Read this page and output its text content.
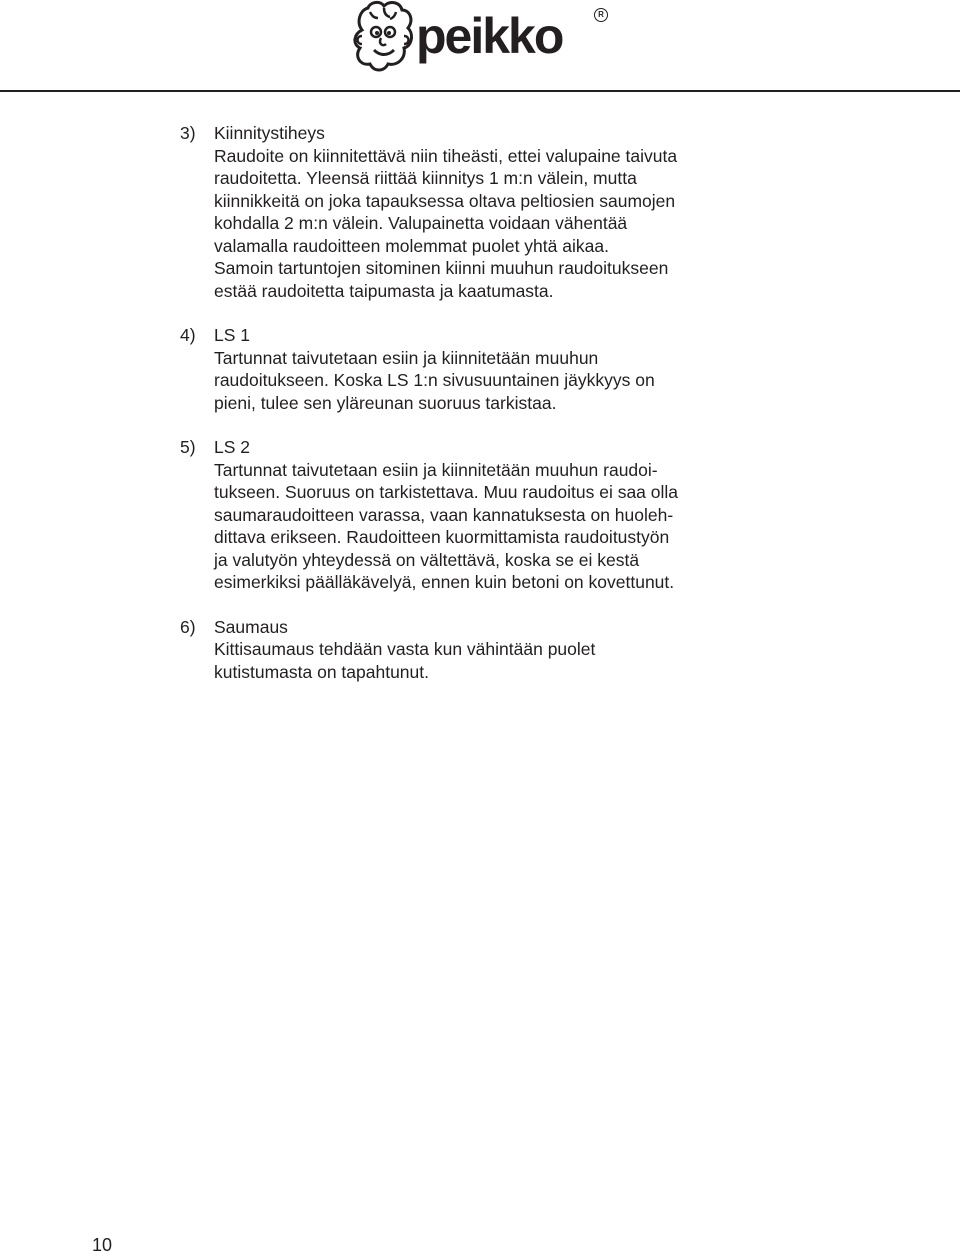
peikko	R
3) Kiinnitystiheys
Raudoite on kiinnitettävä niin tiheästi, ettei valupaine taivuta
raudoitetta. Yleensä riittää kiinnitys 1 m:n välein, mutta
kiinnikkeitä on joka tapauksessa oltava peltiosien saumojen
kohdalla 2 m:n välein. Valupainetta voidaan vähentää
valamalla raudoitteen molemmat puolet yhtä aikaa.
Samoin tartuntojen sitominen kiinni muuhun raudoitukseen
estää raudoitetta taipumasta ja kaatumasta.
4) LS 1
Tartunnat taivutetaan esiin ja kiinnitetään muuhun
raudoitukseen. Koska LS 1:n sivusuuntainen jäykkyys on
pieni, tulee sen yläreunan suoruus tarkistaa.
5) LS 2
Tartunnat taivutetaan esiin ja kiinnitetään muuhun raudoi-
tukseen. Suoruus on tarkistettava. Muu raudoitus ei saa olla
saumaraudoitteen varassa, vaan kannatuksesta on huoleh-
dittava erikseen. Raudoitteen kuormittamista raudoitustyön
ja valutyön yhteydessä on vältettävä, koska se ei kestä
esimerkiksi päälläkävelyä, ennen kuin betoni on kovettunut.
6) Saumaus
Kittisaumaus tehdään vasta kun vähintään puolet
kutistumasta on tapahtunut.
10
